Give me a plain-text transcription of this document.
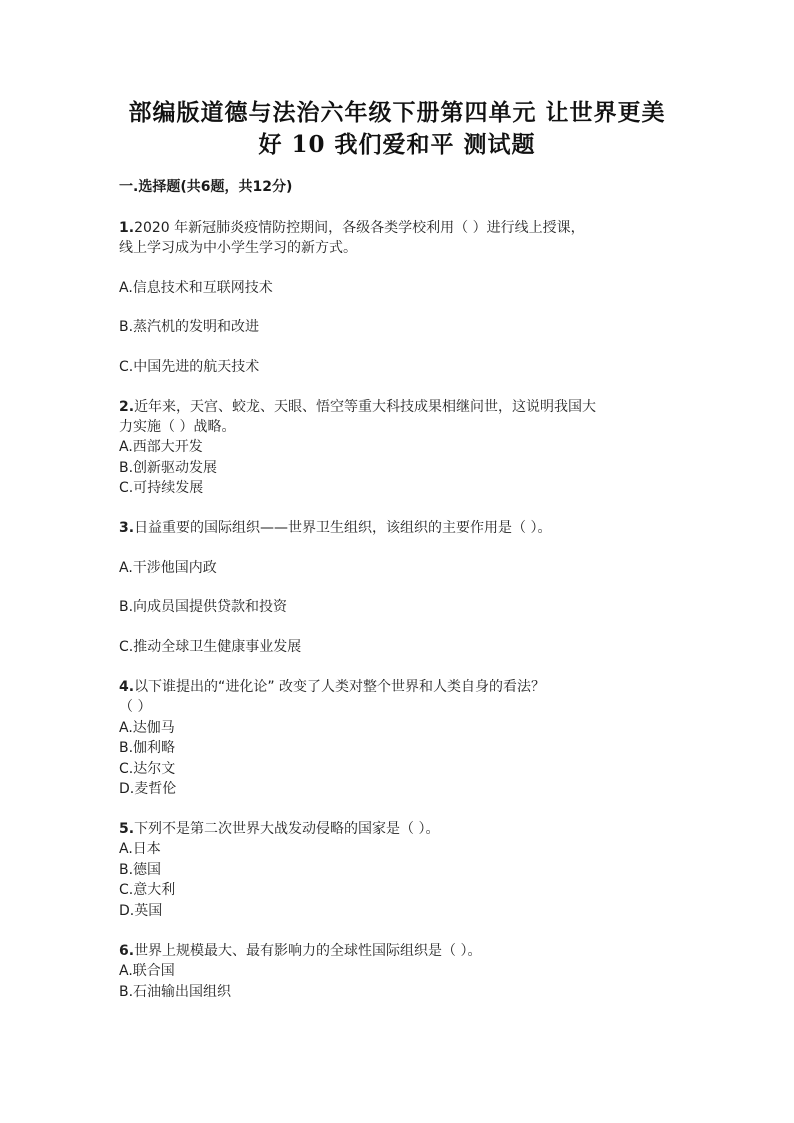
部编版道德与法治六年级下册第四单元 让世界更美
好 10 我们爱和平 测试题
一.选择题(共6题，共12分)
1.2020 年新冠肺炎疫情防控期间，各级各类学校利用（ ）进行线上授课，
线上学习成为中小学生学习的新方式。
A.信息技术和互联网技术
B.蒸汽机的发明和改进
C.中国先进的航天技术
2.近年来，天宫、蛟龙、天眼、悟空等重大科技成果相继问世，这说明我国大
力实施（ ）战略。
A.西部大开发
B.创新驱动发展
C.可持续发展
3.日益重要的国际组织——世界卫生组织，该组织的主要作用是（ ）。
A.干涉他国内政
B.向成员国提供贷款和投资
C.推动全球卫生健康事业发展
4.以下谁提出的“进化论” 改变了人类对整个世界和人类自身的看法？
（ ）
A.达伽马
B.伽利略
C.达尔文
D.麦哲伦
5.下列不是第二次世界大战发动侵略的国家是（ ）。
A.日本
B.德国
C.意大利
D.英国
6.世界上规模最大、最有影响力的全球性国际组织是（ ）。
A.联合国
B.石油输出国组织
